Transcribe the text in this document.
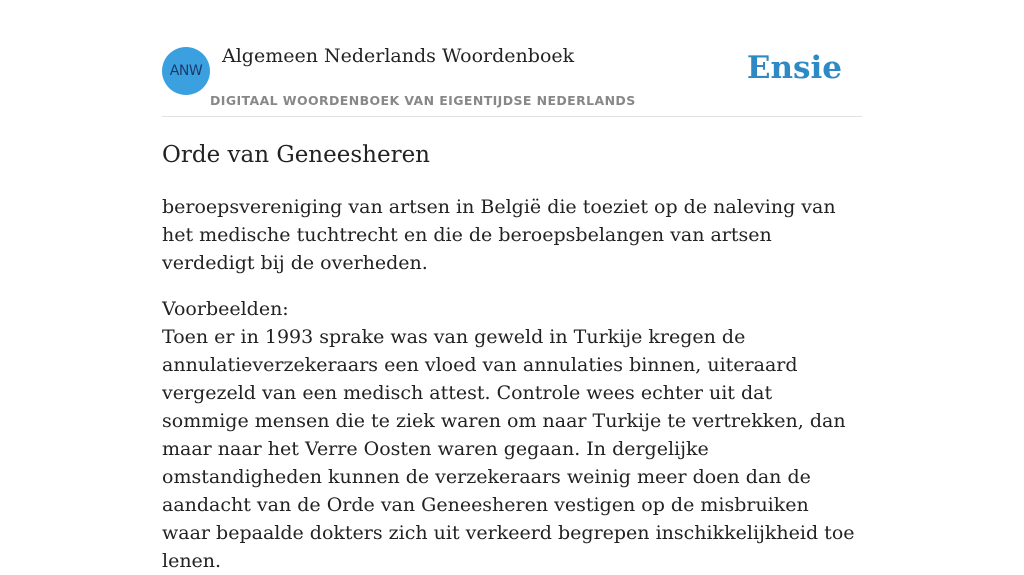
ANW
Algemeen Nederlands Woordenboek
DIGITAAL WOORDENBOEK VAN EIGENTIJDSE NEDERLANDS
Ensie
Orde van Geneesheren

beroepsvereniging van artsen in België die toeziet op de naleving van het medische tuchtrecht en die de beroepsbelangen van artsen verdedigt bij de overheden.

Voorbeelden:

Toen er in 1993 sprake was van geweld in Turkije kregen de annulatieverzekeraars een vloed van annulaties binnen, uiteraard vergezeld van een medisch attest. Controle wees echter uit dat sommige mensen die te ziek waren om naar Turkije te vertrekken, dan maar naar het Verre Oosten waren gegaan. In dergelijke omstandigheden kunnen de verzekeraars weinig meer doen dan de aandacht van de Orde van Geneesheren vestigen op de misbruiken waar bepaalde dokters zich uit verkeerd begrepen inschikkelijkheid toe lenen.
